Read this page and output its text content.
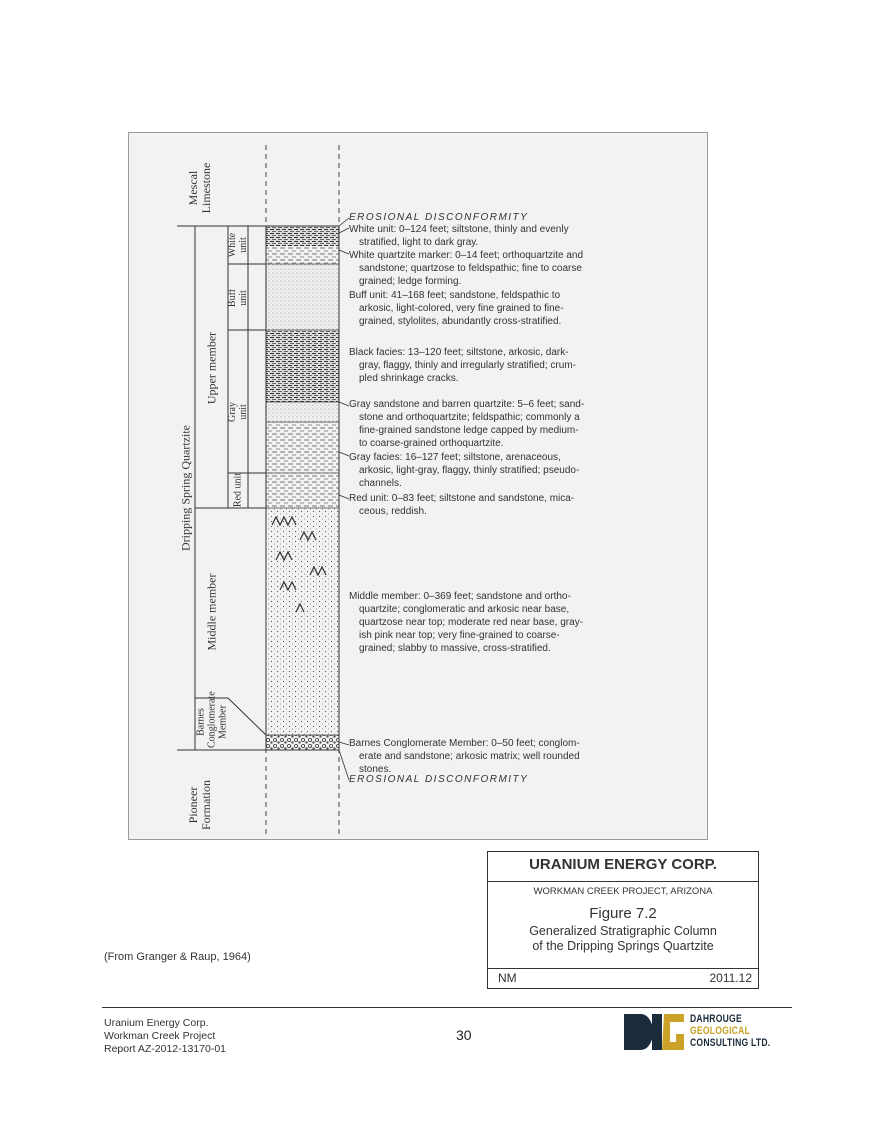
Mescal Limestone
Dripping Spring Quartzite
Pioneer Formation
Upper member
Middle member
Barnes Conglomerate Member
White unit
Buff unit
Gray unit
Red unit
EROSIONAL DISCONFORMITY
White unit: 0–124 feet; siltstone, thinly and evenly

stratified, light to dark gray.
White quartzite marker: 0–14 feet; orthoquartzite and

sandstone; quartzose to feldspathic; fine to coarse
grained; ledge forming.
Buff unit: 41–168 feet; sandstone, feldspathic to

arkosic, light-colored, very fine grained to fine-
grained, stylolites, abundantly cross-stratified.
Black facies: 13–120 feet; siltstone, arkosic, dark-

gray, flaggy, thinly and irregularly stratified; crum-
pled shrinkage cracks.
Gray sandstone and barren quartzite: 5–6 feet; sand-

stone and orthoquartzite; feldspathic; commonly a
fine-grained sandstone ledge capped by medium-
to coarse-grained orthoquartzite.
Gray facies: 16–127 feet; siltstone, arenaceous,

arkosic, light-gray, flaggy, thinly stratified; pseudo-
channels.
Red unit: 0–83 feet; siltstone and sandstone, mica-

ceous, reddish.
Middle member: 0–369 feet; sandstone and ortho-

quartzite; conglomeratic and arkosic near base,
quartzose near top; moderate red near base, gray-
ish pink near top; very fine-grained to coarse-
grained; slabby to massive, cross-stratified.
Barnes Conglomerate Member: 0–50 feet; conglom-

erate and sandstone; arkosic matrix; well rounded
stones.
EROSIONAL DISCONFORMITY
URANIUM ENERGY CORP.
WORKMAN CREEK PROJECT, ARIZONA
Figure 7.2
Generalized Stratigraphic Column
of the Dripping Springs Quartzite
NM	2011.12
(From Granger & Raup, 1964)
Uranium Energy Corp.
Workman Creek Project
Report AZ-2012-13170-01
30
DAHROUGE
GEOLOGICAL
CONSULTING LTD.
